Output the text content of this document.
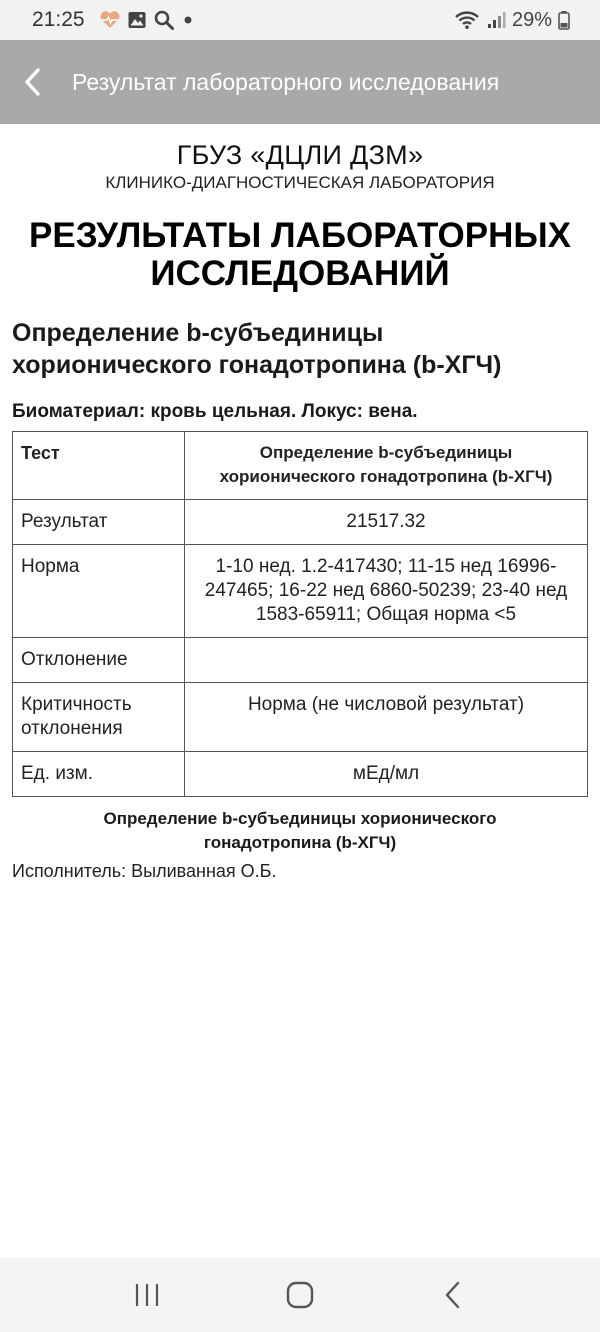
21:25	29%
Результат лабораторного исследования
ГБУЗ «ДЦЛИ ДЗМ»
КЛИНИКО-ДИАГНОСТИЧЕСКАЯ ЛАБОРАТОРИЯ
РЕЗУЛЬТАТЫ ЛАБОРАТОРНЫХ
ИССЛЕДОВАНИЙ
Определение b-субъединицы
хорионического гонадотропина (b-ХГЧ)
Биоматериал: кровь цельная. Локус: вена.
Тест	Определение b-субъединицы
хорионического гонадотропина (b-ХГЧ)

Результат	21517.32
Норма	1-10 нед. 1.2-417430; 11-15 нед 16996-
247465; 16-22 нед 6860-50239; 23-40 нед
1583-65911; Общая норма <5

Отклонение	

Критичность
отклонения	Норма (не числовой результат)
Ед. изм.	мЕд/мл
Определение b-субъединицы хорионического
гонадотропина (b-ХГЧ)
Исполнитель: Выливанная О.Б.
